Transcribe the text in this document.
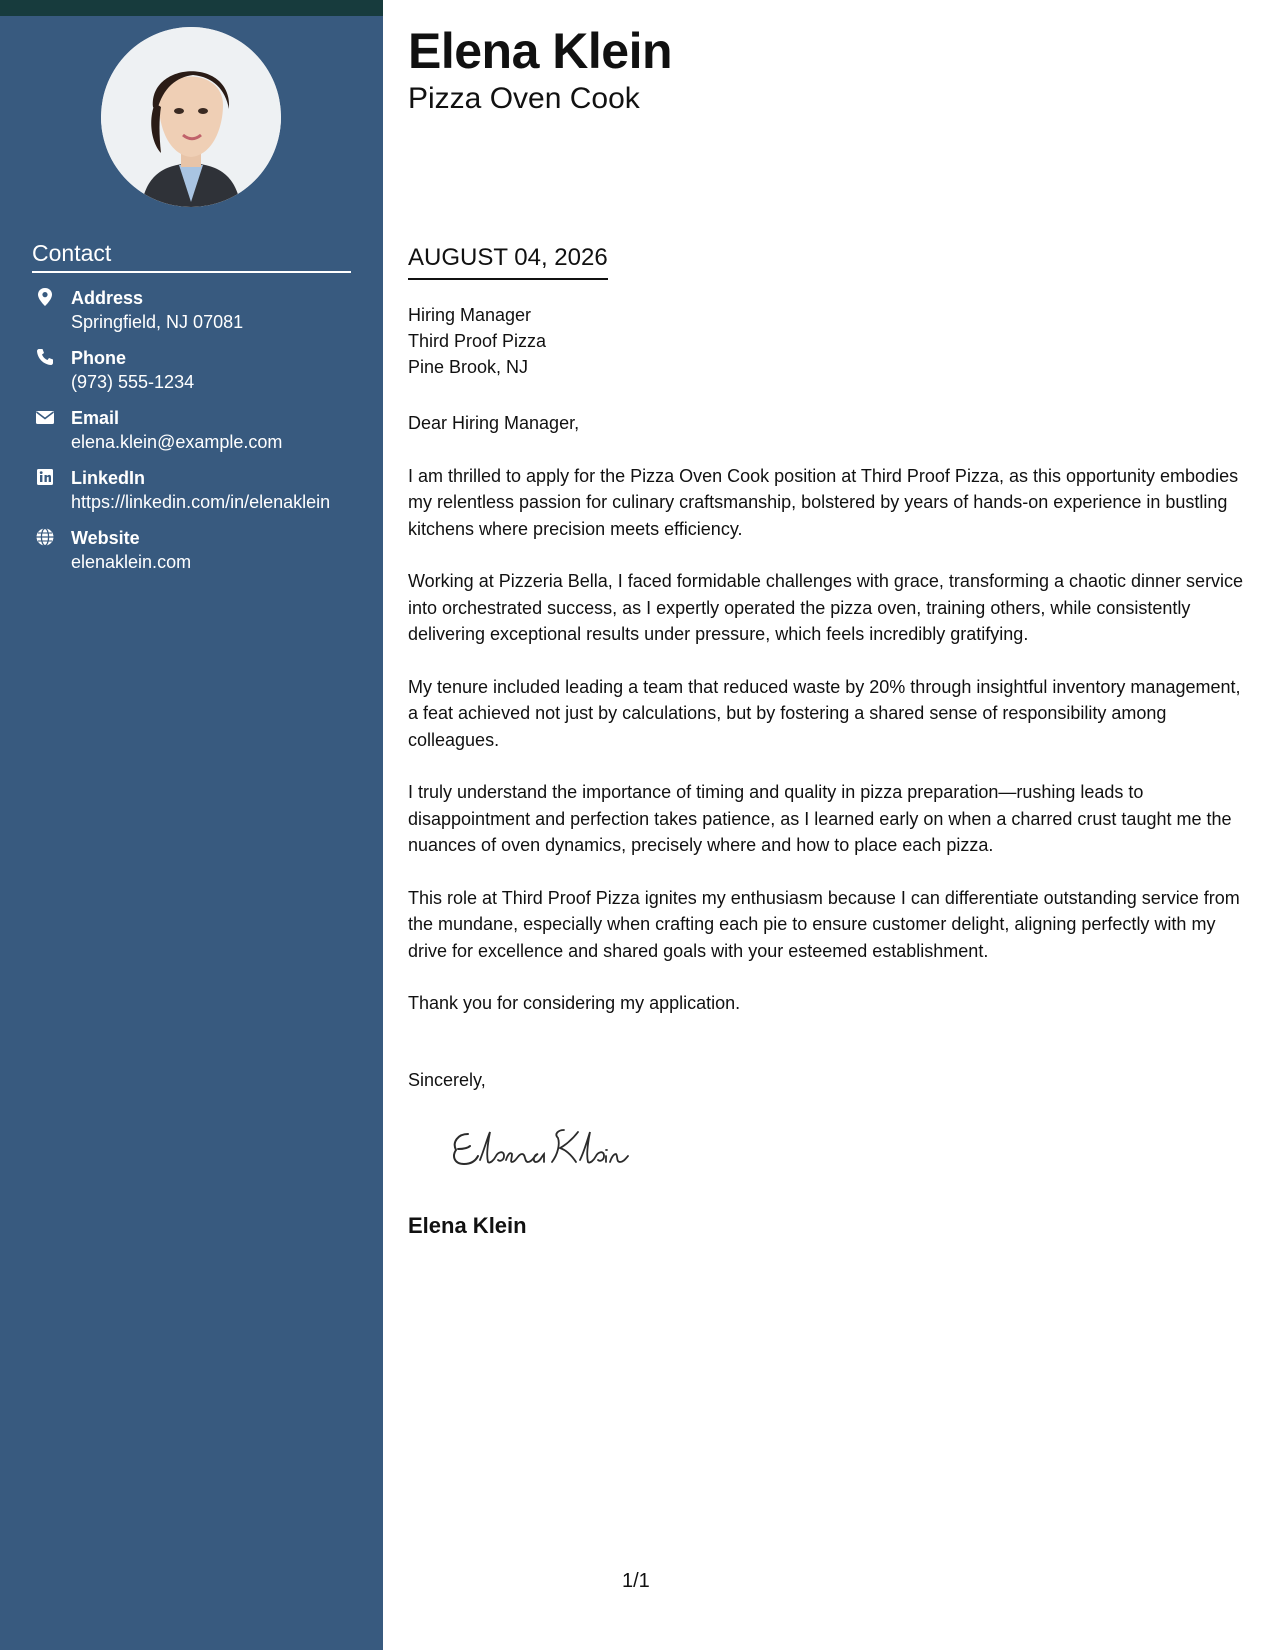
Contact
Address
Springfield, NJ 07081
Phone
(973) 555-1234
Email
elena.klein@example.com
LinkedIn
https://linkedin.com/in/elenaklein
Website
elenaklein.com
Elena Klein
Pizza Oven Cook
AUGUST 04, 2026
Hiring Manager
Third Proof Pizza
Pine Brook, NJ

Dear Hiring Manager,

I am thrilled to apply for the Pizza Oven Cook position at Third Proof Pizza, as this opportunity embodies my relentless passion for culinary craftsmanship, bolstered by years of hands-on experience in bustling kitchens where precision meets efficiency.

Working at Pizzeria Bella, I faced formidable challenges with grace, transforming a chaotic dinner service into orchestrated success, as I expertly operated the pizza oven, training others, while consistently delivering exceptional results under pressure, which feels incredibly gratifying.

My tenure included leading a team that reduced waste by 20% through insightful inventory management, a feat achieved not just by calculations, but by fostering a shared sense of responsibility among colleagues.

I truly understand the importance of timing and quality in pizza preparation—rushing leads to disappointment and perfection takes patience, as I learned early on when a charred crust taught me the nuances of oven dynamics, precisely where and how to place each pizza.

This role at Third Proof Pizza ignites my enthusiasm because I can differentiate outstanding service from the mundane, especially when crafting each pie to ensure customer delight, aligning perfectly with my drive for excellence and shared goals with your esteemed establishment.

Thank you for considering my application.

Sincerely,
Elena Klein
1/1
